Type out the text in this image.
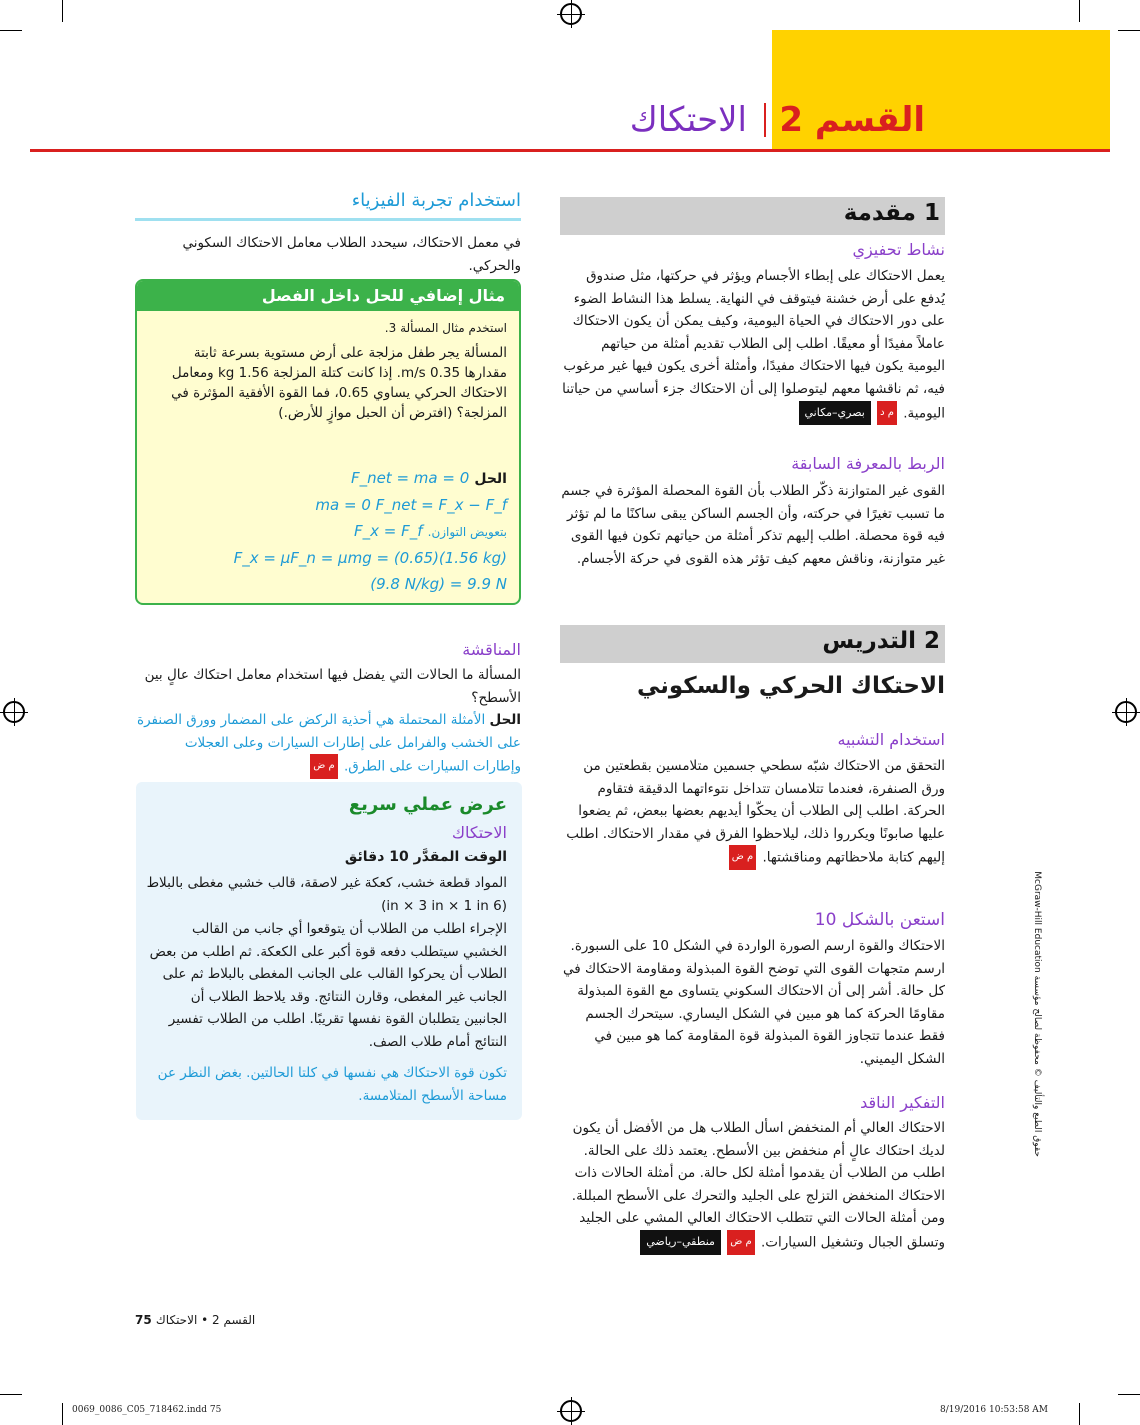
القسم 2
الاحتكاك
1 مقدمة
نشاط تحفيزي
يعمل الاحتكاك على إبطاء الأجسام ويؤثر في حركتها، مثل صندوق يُدفع على أرض خشنة فيتوقف في النهاية. يسلط هذا النشاط الضوء على دور الاحتكاك في الحياة اليومية، وكيف يمكن أن يكون الاحتكاك عاملاً مفيدًا أو معيقًا. اطلب إلى الطلاب تقديم أمثلة من حياتهم اليومية يكون فيها الاحتكاك مفيدًا، وأمثلة أخرى يكون فيها غير مرغوب فيه، ثم ناقشها معهم ليتوصلوا إلى أن الاحتكاك جزء أساسي من حياتنا اليومية. م د بصري–مكاني
الربط بالمعرفة السابقة
القوى غير المتوازنة ذكّر الطلاب بأن القوة المحصلة المؤثرة في جسم ما تسبب تغيرًا في حركته، وأن الجسم الساكن يبقى ساكنًا ما لم تؤثر فيه قوة محصلة. اطلب إليهم تذكر أمثلة من حياتهم تكون فيها القوى غير متوازنة، وناقش معهم كيف تؤثر هذه القوى في حركة الأجسام.
2 التدريس
الاحتكاك الحركي والسكوني
استخدام التشبيه
التحقق من الاحتكاك شبّه سطحي جسمين متلامسين بقطعتين من ورق الصنفرة، فعندما تتلامسان تتداخل نتوءاتهما الدقيقة فتقاوم الحركة. اطلب إلى الطلاب أن يحكّوا أيديهم بعضها ببعض، ثم يضعوا عليها صابونًا ويكرروا ذلك، ليلاحظوا الفرق في مقدار الاحتكاك. اطلب إليهم كتابة ملاحظاتهم ومناقشتها. م ض
استعن بالشكل 10
الاحتكاك والقوة ارسم الصورة الواردة في الشكل 10 على السبورة. ارسم متجهات القوى التي توضح القوة المبذولة ومقاومة الاحتكاك في كل حالة. أشر إلى أن الاحتكاك السكوني يتساوى مع القوة المبذولة مقاومًا الحركة كما هو مبين في الشكل اليساري. سيتحرك الجسم فقط عندما تتجاوز القوة المبذولة قوة المقاومة كما هو مبين في الشكل اليميني.
التفكير الناقد
الاحتكاك العالي أم المنخفض اسأل الطلاب هل من الأفضل أن يكون لديك احتكاك عالٍ أم منخفض بين الأسطح. يعتمد ذلك على الحالة. اطلب من الطلاب أن يقدموا أمثلة لكل حالة. من أمثلة الحالات ذات الاحتكاك المنخفض التزلج على الجليد والتحرك على الأسطح المبللة. ومن أمثلة الحالات التي تتطلب الاحتكاك العالي المشي على الجليد وتسلق الجبال وتشغيل السيارات. م ض منطقي–رياضي
استخدام تجربة الفيزياء
في معمل الاحتكاك، سيحدد الطلاب معامل الاحتكاك السكوني والحركي.
مثال إضافي للحل داخل الفصل
استخدم مثال المسألة 3.
المسألة يجر طفل مزلجة على أرض مستوية بسرعة ثابتة مقدارها 0.35 m/s. إذا كانت كتلة المزلجة 1.56 kg ومعامل الاحتكاك الحركي يساوي 0.65، فما القوة الأفقية المؤثرة في المزلجة؟ (افترض أن الحبل موازٍ للأرض.)
الحل F_net = ma = 0
ma = 0 F_net = F_x − F_f
بتعويض التوازن. F_x = F_f
F_x = μF_n = μmg = (0.65)(1.56 kg)
(9.8 N/kg) = 9.9 N
المناقشة
المسألة ما الحالات التي يفضل فيها استخدام معامل احتكاك عالٍ بين الأسطح؟
الحل الأمثلة المحتملة هي أحذية الركض على المضمار وورق الصنفرة على الخشب والفرامل على إطارات السيارات وعلى العجلات وإطارات السيارات على الطرق. م ض
عرض عملي سريع
الاحتكاك
الوقت المقدَّر 10 دقائق
المواد قطعة خشب، كعكة غير لاصقة، قالب خشبي مغطى بالبلاط (6 in × 3 in × 1 in)
الإجراء اطلب من الطلاب أن يتوقعوا أي جانب من القالب الخشبي سيتطلب دفعه قوة أكبر على الكعكة. ثم اطلب من بعض الطلاب أن يحركوا القالب على الجانب المغطى بالبلاط ثم على الجانب غير المغطى، وقارن النتائج. وقد يلاحظ الطلاب أن الجانبين يتطلبان القوة نفسها تقريبًا. اطلب من الطلاب تفسير النتائج أمام طلاب الصف.
تكون قوة الاحتكاك هي نفسها في كلتا الحالتين. بغض النظر عن مساحة الأسطح المتلامسة.
حقوق الطبع والتأليف © محفوظة لصالح مؤسسة McGraw-Hill Education
75 القسم 2 • الاحتكاك
0069_0086_C05_718462.indd 75	8/19/2016 10:53:58 AM
